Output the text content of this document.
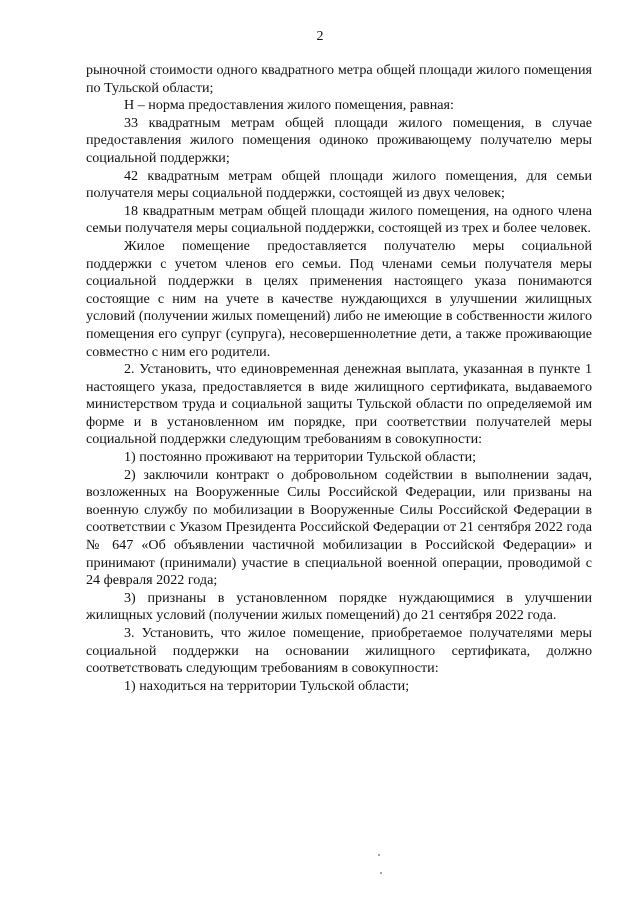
2

рыночной стоимости одного квадратного метра общей площади жилого помещения по Тульской области;

Н – норма предоставления жилого помещения, равная:

33 квадратным метрам общей площади жилого помещения, в случае предоставления жилого помещения одиноко проживающему получателю меры социальной поддержки;

42 квадратным метрам общей площади жилого помещения, для семьи получателя меры социальной поддержки, состоящей из двух человек;

18 квадратным метрам общей площади жилого помещения, на одного члена семьи получателя меры социальной поддержки, состоящей из трех и более человек.

Жилое помещение предоставляется получателю меры социальной поддержки с учетом членов его семьи. Под членами семьи получателя меры социальной поддержки в целях применения настоящего указа понимаются состоящие с ним на учете в качестве нуждающихся в улучшении жилищных условий (получении жилых помещений) либо не имеющие в собственности жилого помещения его супруг (супруга), несовершеннолетние дети, а также проживающие совместно с ним его родители.

2. Установить, что единовременная денежная выплата, указанная в пункте 1 настоящего указа, предоставляется в виде жилищного сертификата, выдаваемого министерством труда и социальной защиты Тульской области по определяемой им форме и в установленном им порядке, при соответствии получателей меры социальной поддержки следующим требованиям в совокупности:

1) постоянно проживают на территории Тульской области;

2) заключили контракт о добровольном содействии в выполнении задач, возложенных на Вооруженные Силы Российской Федерации, или призваны на военную службу по мобилизации в Вооруженные Силы Российской Федерации в соответствии с Указом Президента Российской Федерации от 21 сентября 2022 года № 647 «Об объявлении частичной мобилизации в Российской Федерации» и принимают (принимали) участие в специальной военной операции, проводимой с 24 февраля 2022 года;

3) признаны в установленном порядке нуждающимися в улучшении жилищных условий (получении жилых помещений) до 21 сентября 2022 года.

3. Установить, что жилое помещение, приобретаемое получателями меры социальной поддержки на основании жилищного сертификата, должно соответствовать следующим требованиям в совокупности:

1) находиться на территории Тульской области;
